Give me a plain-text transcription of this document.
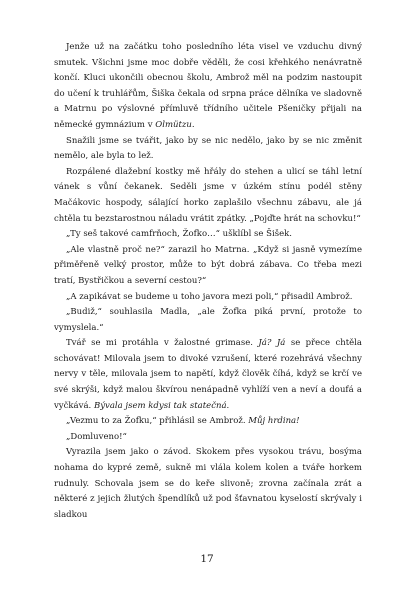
Jenže už na začátku toho posledního léta visel ve vzduchu divný smutek. Všichni jsme moc dobře věděli, že cosi křehkého nenávratně končí. Kluci ukončili obecnou školu, Ambrož měl na podzim nastoupit do učení k truhlářům, Šiška čekala od srpna práce dělníka ve sladovně a Matrnu po výslovné přímluvě třídního učitele Pšeničky přijali na německé gymnázium v Olmützu.

Snažili jsme se tvářit, jako by se nic nedělo, jako by se nic změnit nemělo, ale byla to lež.

Rozpálené dlažební kostky mě hřály do stehen a ulicí se táhl letní vánek s vůní čekanek. Seděli jsme v úzkém stínu podél stěny Mačákovic hospody, sálající horko zaplašilo všechnu zábavu, ale já chtěla tu bezstarostnou náladu vrátit zpátky. „Pojďte hrát na schovku!“

„Ty seš takové camfrňoch, Žofko…“ ušklíbl se Šišek.

„Ale vlastně proč ne?“ zarazil ho Matrna. „Když si jasně vymezíme přiměřeně velký prostor, může to být dobrá zábava. Co třeba mezi tratí, Bystřičkou a severní cestou?“

„A zapikávat se budeme u toho javora mezi poli,“ přisadil Ambrož.

„Budiž,“ souhlasila Madla, „ale Žofka piká první, protože to vymyslela.“

Tvář se mi protáhla v žalostné grimase. Já? Já se přece chtěla schovávat! Milovala jsem to divoké vzrušení, které rozehrává všechny nervy v těle, milovala jsem to napětí, když člověk číhá, když se krčí ve své skrýši, když malou škvírou nenápadně vyhlíží ven a neví a doufá a vyčkává. Bývala jsem kdysi tak statečná.

„Vezmu to za Žofku,“ přihlásil se Ambrož. Můj hrdina!

„Domluveno!“

Vyrazila jsem jako o závod. Skokem přes vysokou trávu, bosýma nohama do kypré země, sukně mi vlála kolem kolen a tváře horkem rudnuly. Schovala jsem se do keře slivoně; zrovna začínala zrát a některé z jejich žlutých špendlíků už pod šťavnatou kyselostí skrývaly i sladkou

17
